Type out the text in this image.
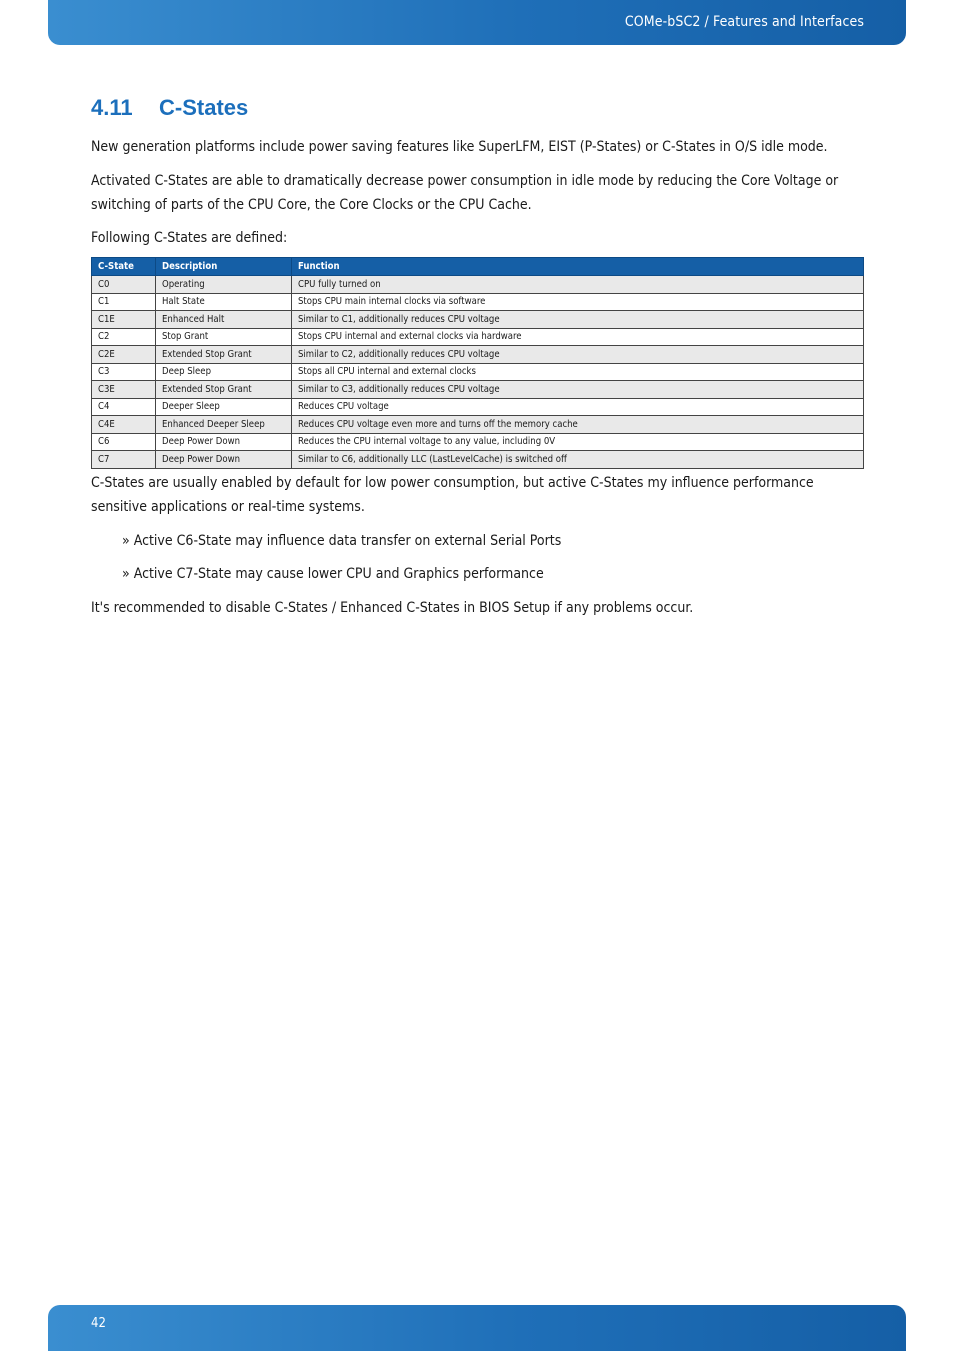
COMe-bSC2 / Features and Interfaces
4.11 C-States
New generation platforms include power saving features like SuperLFM, EIST (P-States) or C-States in O/S idle mode.
Activated C-States are able to dramatically decrease power consumption in idle mode by reducing the Core Voltage or switching of parts of the CPU Core, the Core Clocks or the CPU Cache.
Following C-States are defined:
C-State	Description	Function
C0	Operating	CPU fully turned on
C1	Halt State	Stops CPU main internal clocks via software
C1E	Enhanced Halt	Similar to C1, additionally reduces CPU voltage
C2	Stop Grant	Stops CPU internal and external clocks via hardware
C2E	Extended Stop Grant	Similar to C2, additionally reduces CPU voltage
C3	Deep Sleep	Stops all CPU internal and external clocks
C3E	Extended Stop Grant	Similar to C3, additionally reduces CPU voltage
C4	Deeper Sleep	Reduces CPU voltage
C4E	Enhanced Deeper Sleep	Reduces CPU voltage even more and turns off the memory cache
C6	Deep Power Down	Reduces the CPU internal voltage to any value, including 0V
C7	Deep Power Down	Similar to C6, additionally LLC (LastLevelCache) is switched off
C-States are usually enabled by default for low power consumption, but active C-States my influence performance sensitive applications or real-time systems.
» Active C6-State may influence data transfer on external Serial Ports
» Active C7-State may cause lower CPU and Graphics performance
It's recommended to disable C-States / Enhanced C-States in BIOS Setup if any problems occur.
42
